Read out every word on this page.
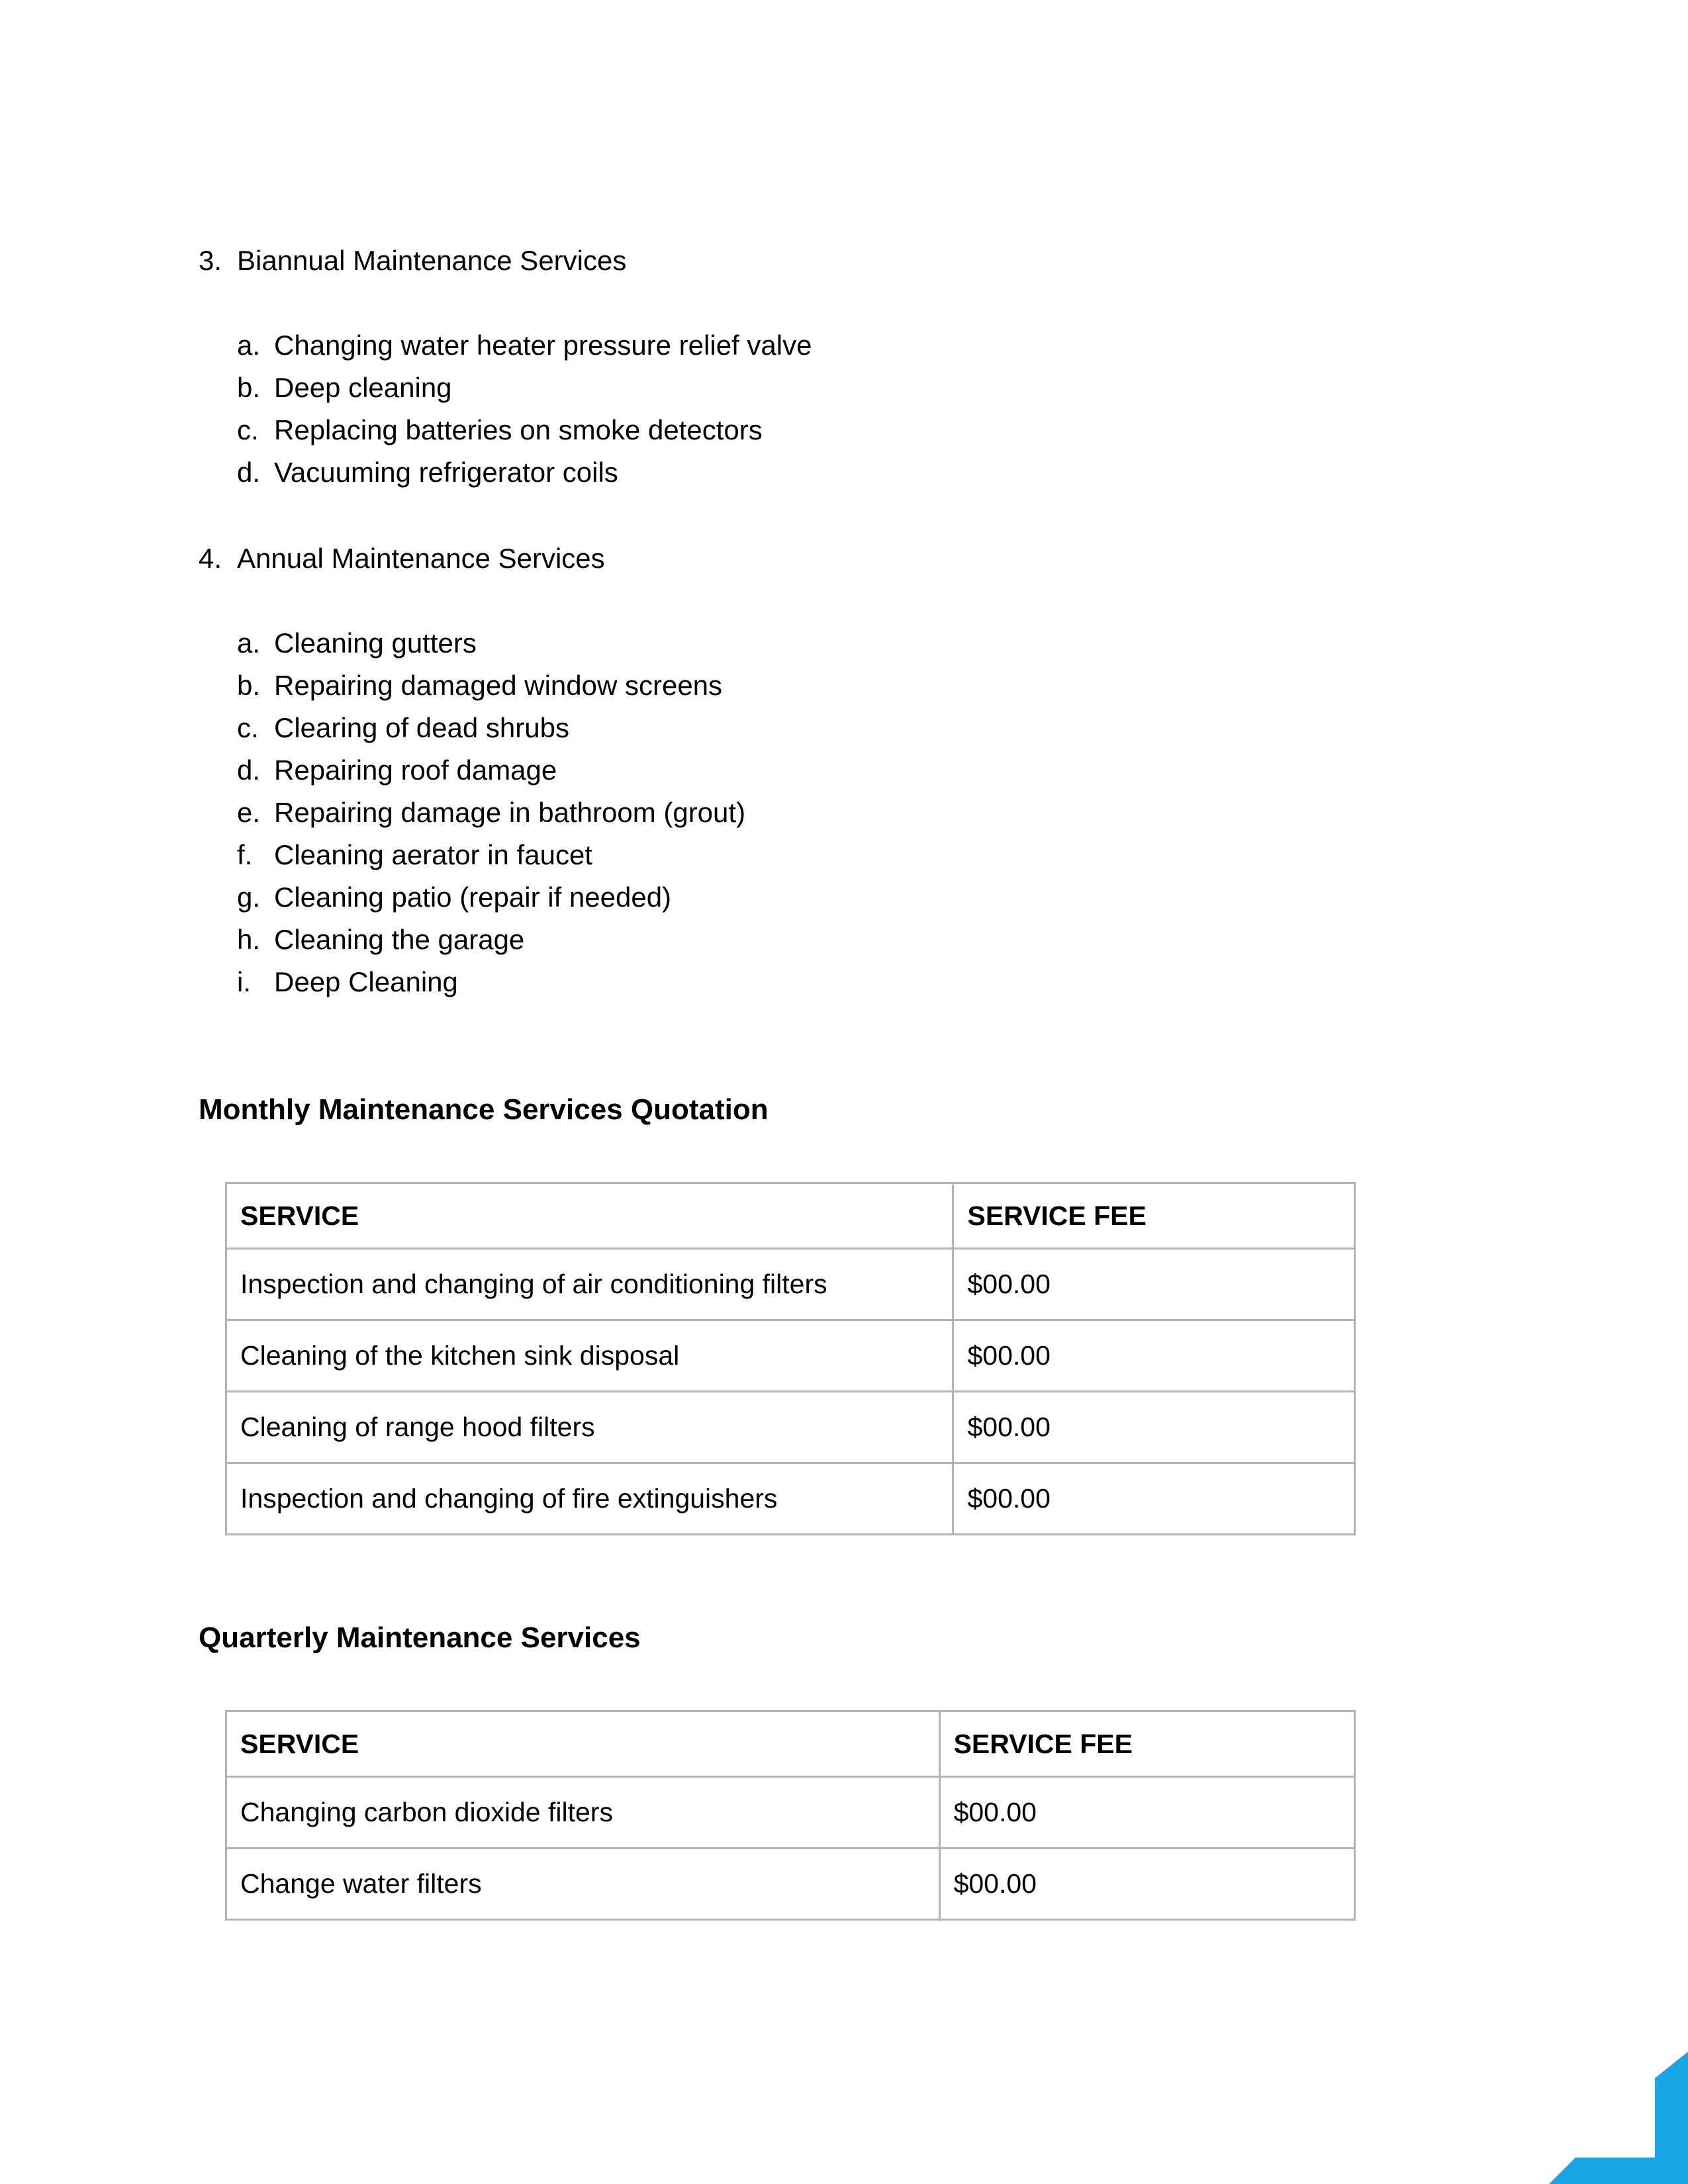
3. Biannual Maintenance Services
a. Changing water heater pressure relief valve
b. Deep cleaning
c. Replacing batteries on smoke detectors
d. Vacuuming refrigerator coils
4. Annual Maintenance Services
a. Cleaning gutters
b. Repairing damaged window screens
c. Clearing of dead shrubs
d. Repairing roof damage
e. Repairing damage in bathroom (grout)
f. Cleaning aerator in faucet
g. Cleaning patio (repair if needed)
h. Cleaning the garage
i. Deep Cleaning
Monthly Maintenance Services Quotation
SERVICE	SERVICE FEE
Inspection and changing of air conditioning filters	$00.00
Cleaning of the kitchen sink disposal	$00.00
Cleaning of range hood filters	$00.00
Inspection and changing of fire extinguishers	$00.00
Quarterly Maintenance Services
SERVICE	SERVICE FEE
Changing carbon dioxide filters	$00.00
Change water filters	$00.00
